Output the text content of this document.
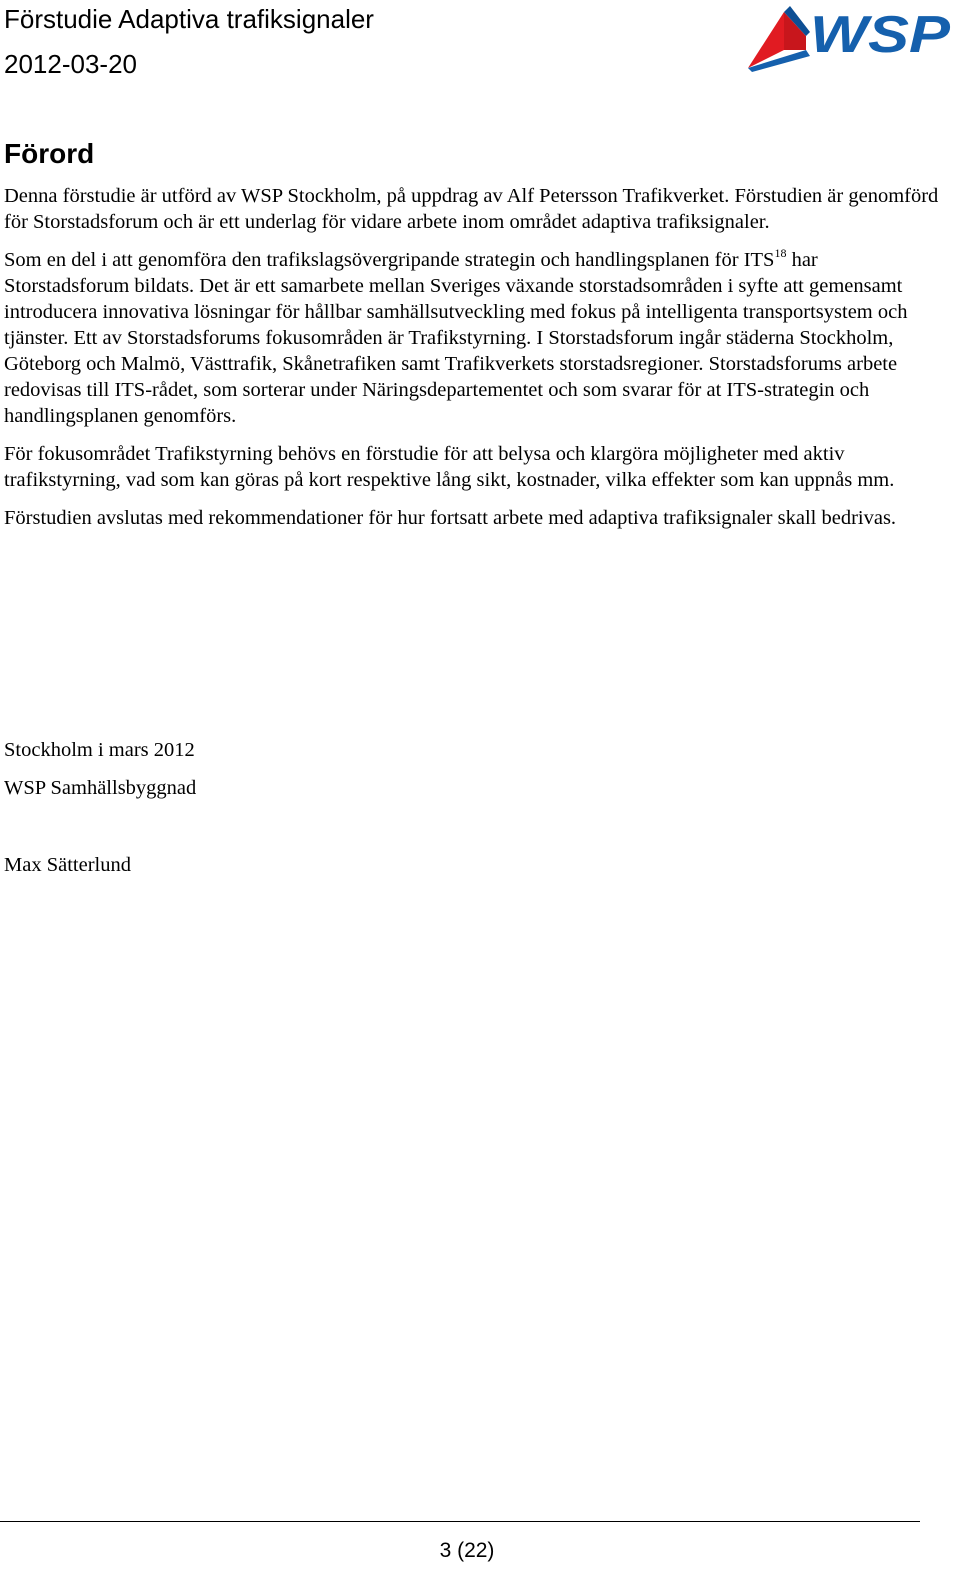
Förstudie Adaptiva trafiksignaler
2012-03-20	WSP
Förord

Denna förstudie är utförd av WSP Stockholm, på uppdrag av Alf Petersson Trafikverket. Förstudien är genomförd för Storstadsforum och är ett underlag för vidare arbete inom området adaptiva trafiksignaler.

Som en del i att genomföra den trafikslagsövergripande strategin och handlingsplanen för ITS$^{18}$ har Storstadsforum bildats. Det är ett samarbete mellan Sveriges växande storstadsområden i syfte att gemensamt introducera innovativa lösningar för hållbar samhällsutveckling med fokus på intelligenta transportsystem och tjänster. Ett av Storstadsforums fokusområden är Trafikstyrning. I Storstadsforum ingår städerna Stockholm, Göteborg och Malmö, Västtrafik, Skånetrafiken samt Trafikverkets storstadsregioner. Storstadsforums arbete redovisas till ITS-rådet, som sorterar under Näringsdepartementet och som svarar för at ITS-strategin och handlingsplanen genomförs.

För fokusområdet Trafikstyrning behövs en förstudie för att belysa och klargöra möjligheter med aktiv trafikstyrning, vad som kan göras på kort respektive lång sikt, kostnader, vilka effekter som kan uppnås mm.

Förstudien avslutas med rekommendationer för hur fortsatt arbete med adaptiva trafiksignaler skall bedrivas.

Stockholm i mars 2012
WSP Samhällsbyggnad
Max Sätterlund
3 (22)
